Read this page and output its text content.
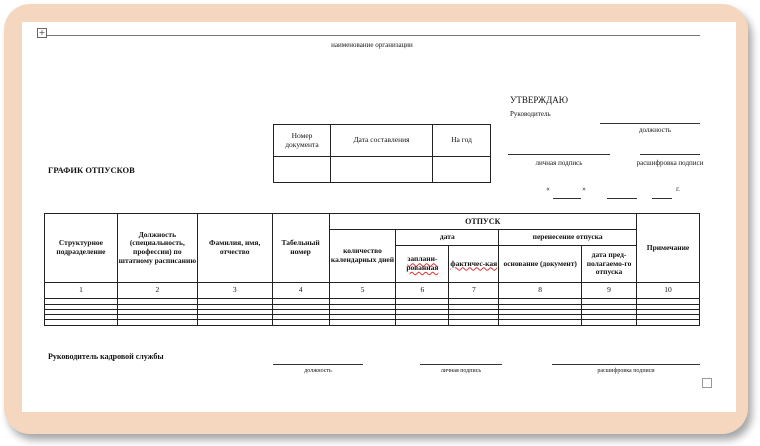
+
наименование организации
УТВЕРЖДАЮ
Руководитель
должность
личная подпись	расшифровка подписи
«	»	г.
ГРАФИК ОТПУСКОВ
Номер документа	Дата составления	На год

Структурное подразделение	Должность (специальность, профессии) по штатному расписанию	Фамилия, имя, отчество	Табельный номер	ОТПУСК					Примечание
				количество календарных дней	дата		перенесение отпуска		
					заплани-рованная	фактичес-кая	основание (документ)	дата пред-полагаемо-го отпуска	
1	2	3	4	5	6	7	8	9	10

Руководитель кадровой службы
должность	личная подпись	расшифровка подписи
